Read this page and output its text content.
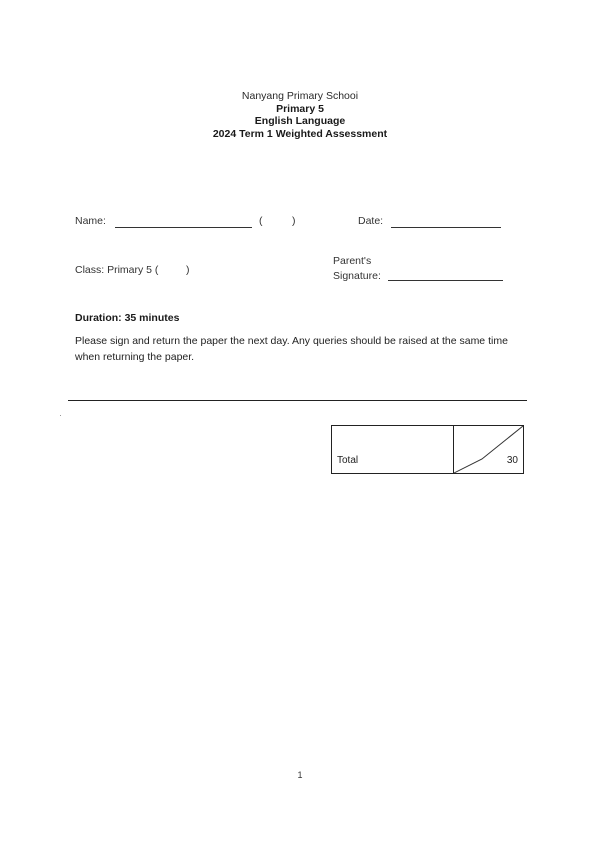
Nanyang Primary Schooi
Primary 5
English Language
2024 Term 1 Weighted Assessment
Name:	(	)	Date:
Class: Primary 5 (	)
Parent's
Signature:
Duration: 35 minutes
Please sign and return the paper the next day. Any queries should be raised at the same time when returning the paper.
Total	30
1
